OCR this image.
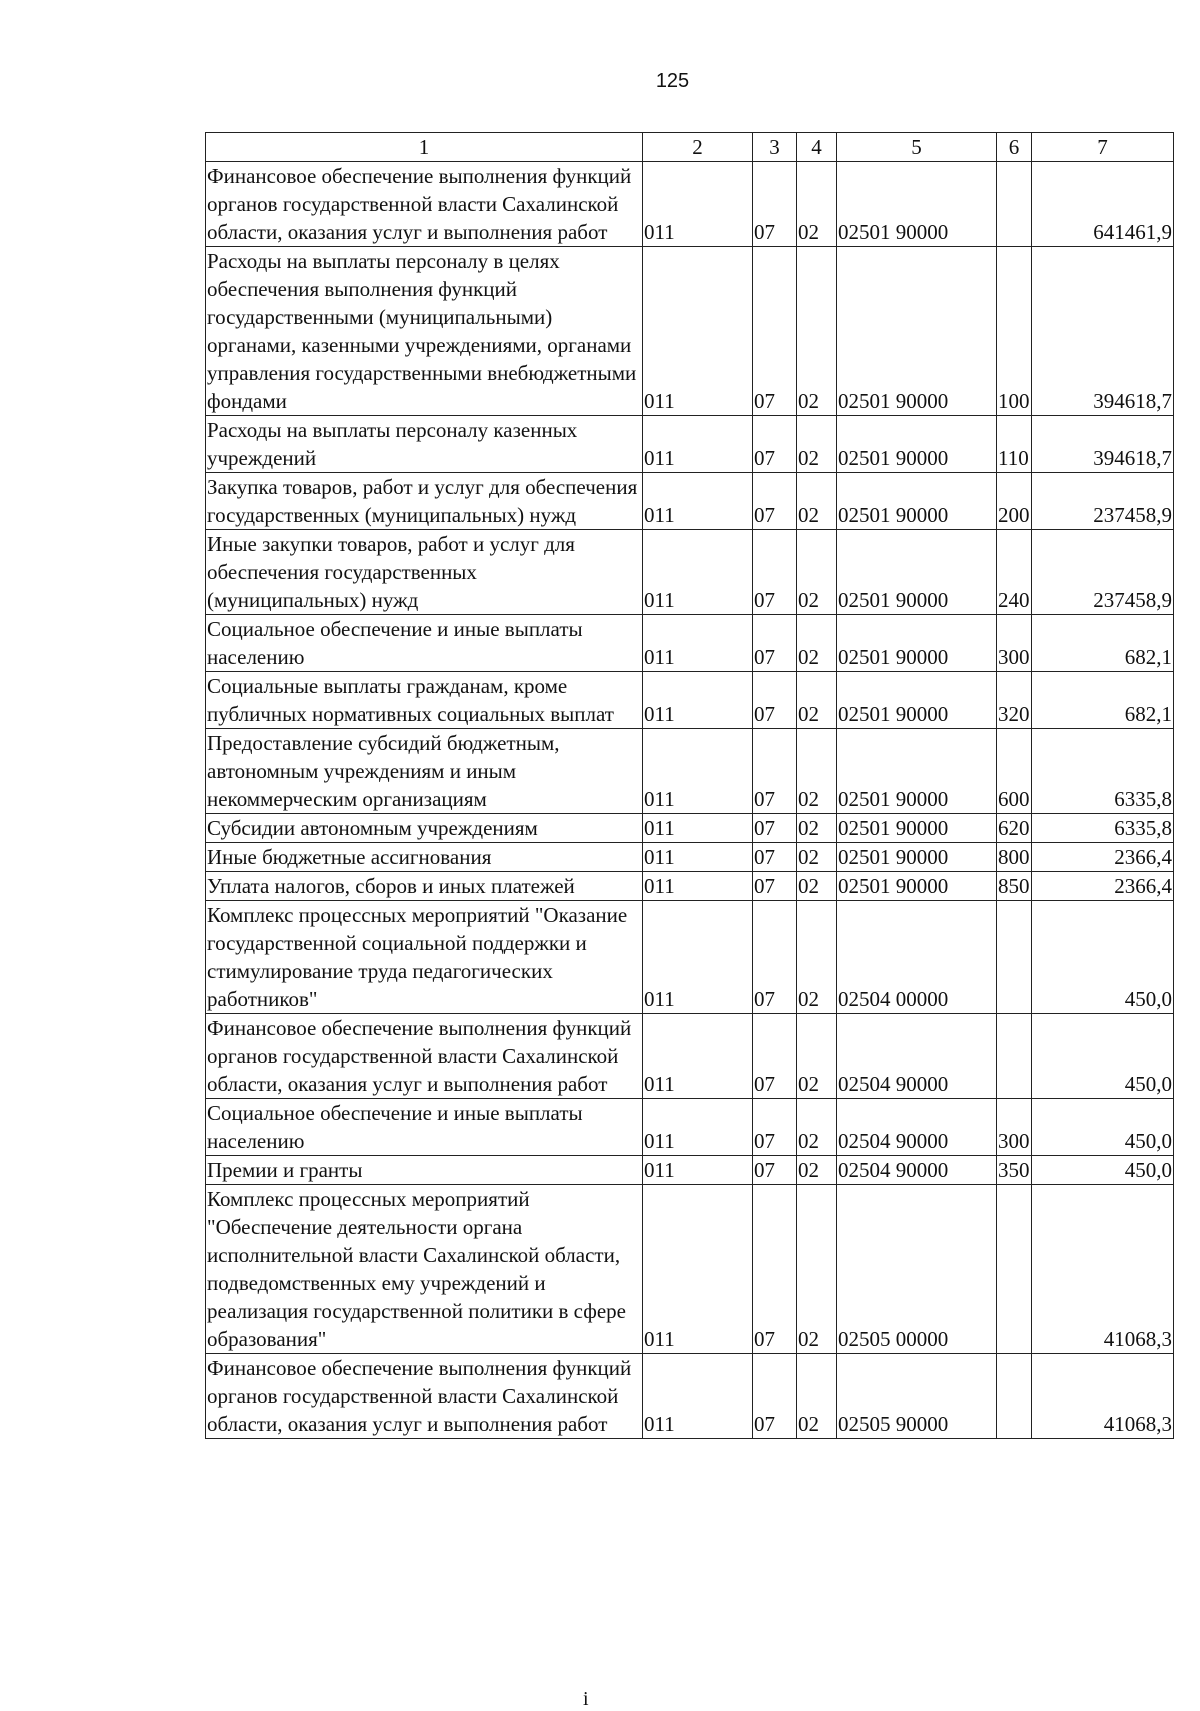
125
1	2	3	4	5	6	7
Финансовое обеспечение выполнения функций органов государственной власти Сахалинской области, оказания услуг и выполнения работ	011	07	02	02501 90000		641461,9
Расходы на выплаты персоналу в целях обеспечения выполнения функций государственными (муниципальными) органами, казенными учреждениями, органами управления государственными внебюджетными фондами	011	07	02	02501 90000	100	394618,7
Расходы на выплаты персоналу казенных учреждений	011	07	02	02501 90000	110	394618,7
Закупка товаров, работ и услуг для обеспечения государственных (муниципальных) нужд	011	07	02	02501 90000	200	237458,9
Иные закупки товаров, работ и услуг для обеспечения государственных (муниципальных) нужд	011	07	02	02501 90000	240	237458,9
Социальное обеспечение и иные выплаты населению	011	07	02	02501 90000	300	682,1
Социальные выплаты гражданам, кроме публичных нормативных социальных выплат	011	07	02	02501 90000	320	682,1
Предоставление субсидий бюджетным, автономным учреждениям и иным некоммерческим организациям	011	07	02	02501 90000	600	6335,8
Субсидии автономным учреждениям	011	07	02	02501 90000	620	6335,8
Иные бюджетные ассигнования	011	07	02	02501 90000	800	2366,4
Уплата налогов, сборов и иных платежей	011	07	02	02501 90000	850	2366,4
Комплекс процессных мероприятий "Оказание государственной социальной поддержки и стимулирование труда педагогических работников"	011	07	02	02504 00000		450,0
Финансовое обеспечение выполнения функций органов государственной власти Сахалинской области, оказания услуг и выполнения работ	011	07	02	02504 90000		450,0
Социальное обеспечение и иные выплаты населению	011	07	02	02504 90000	300	450,0
Премии и гранты	011	07	02	02504 90000	350	450,0
Комплекс процессных мероприятий "Обеспечение деятельности органа исполнительной власти Сахалинской области, подведомственных ему учреждений и реализация государственной политики в сфере образования"	011	07	02	02505 00000		41068,3
Финансовое обеспечение выполнения функций органов государственной власти Сахалинской области, оказания услуг и выполнения работ	011	07	02	02505 90000		41068,3
i
